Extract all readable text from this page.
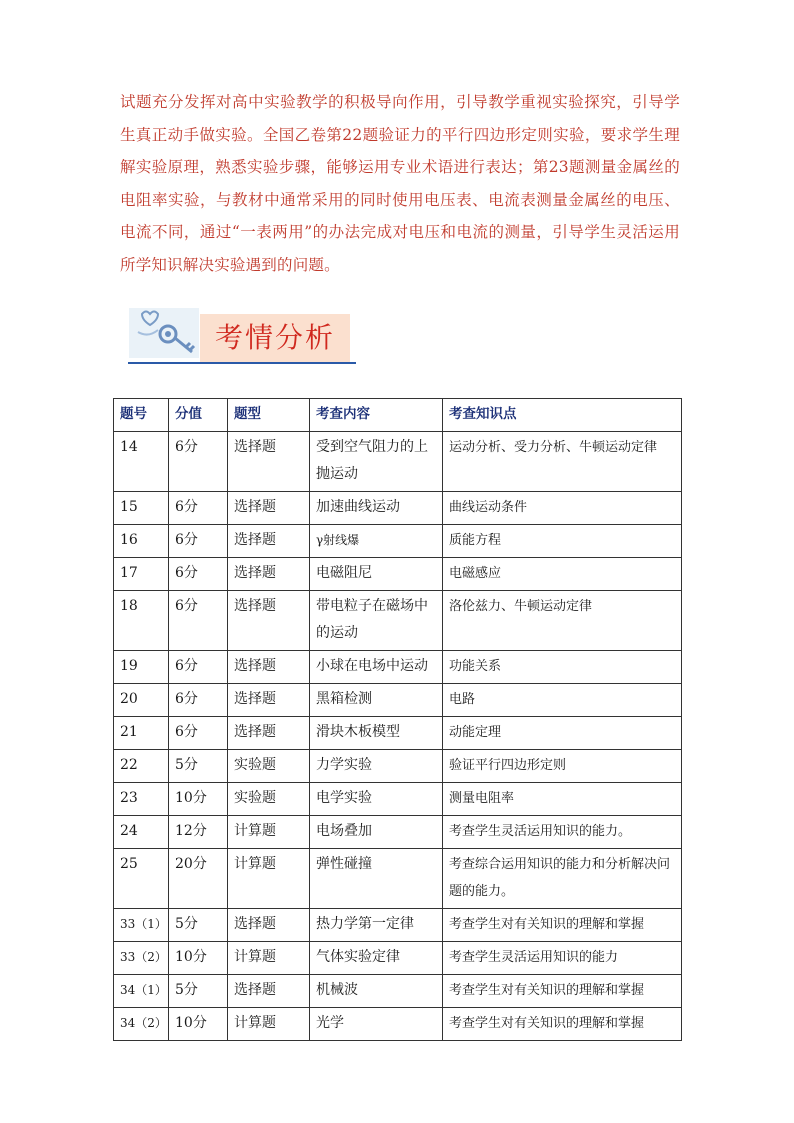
试题充分发挥对高中实验教学的积极导向作用，引导教学重视实验探究，引导学生真正动手做实验。全国乙卷第22题验证力的平行四边形定则实验，要求学生理解实验原理，熟悉实验步骤，能够运用专业术语进行表达；第23题测量金属丝的电阻率实验，与教材中通常采用的同时使用电压表、电流表测量金属丝的电压、电流不同，通过“一表两用”的办法完成对电压和电流的测量，引导学生灵活运用所学知识解决实验遇到的问题。

考情分析
题号	分值	题型	考查内容	考查知识点
14	6分	选择题	受到空气阻力的上抛运动	运动分析、受力分析、牛顿运动定律
15	6分	选择题	加速曲线运动	曲线运动条件
16	6分	选择题	γ射线爆	质能方程
17	6分	选择题	电磁阻尼	电磁感应
18	6分	选择题	带电粒子在磁场中的运动	洛伦兹力、牛顿运动定律
19	6分	选择题	小球在电场中运动	功能关系
20	6分	选择题	黑箱检测	电路
21	6分	选择题	滑块木板模型	动能定理
22	5分	实验题	力学实验	验证平行四边形定则
23	10分	实验题	电学实验	测量电阻率
24	12分	计算题	电场叠加	考查学生灵活运用知识的能力。
25	20分	计算题	弹性碰撞	考查综合运用知识的能力和分析解决问题的能力。
33（1）	5分	选择题	热力学第一定律	考查学生对有关知识的理解和掌握
33（2）	10分	计算题	气体实验定律	考查学生灵活运用知识的能力
34（1）	5分	选择题	机械波	考查学生对有关知识的理解和掌握
34（2）	10分	计算题	光学	考查学生对有关知识的理解和掌握
